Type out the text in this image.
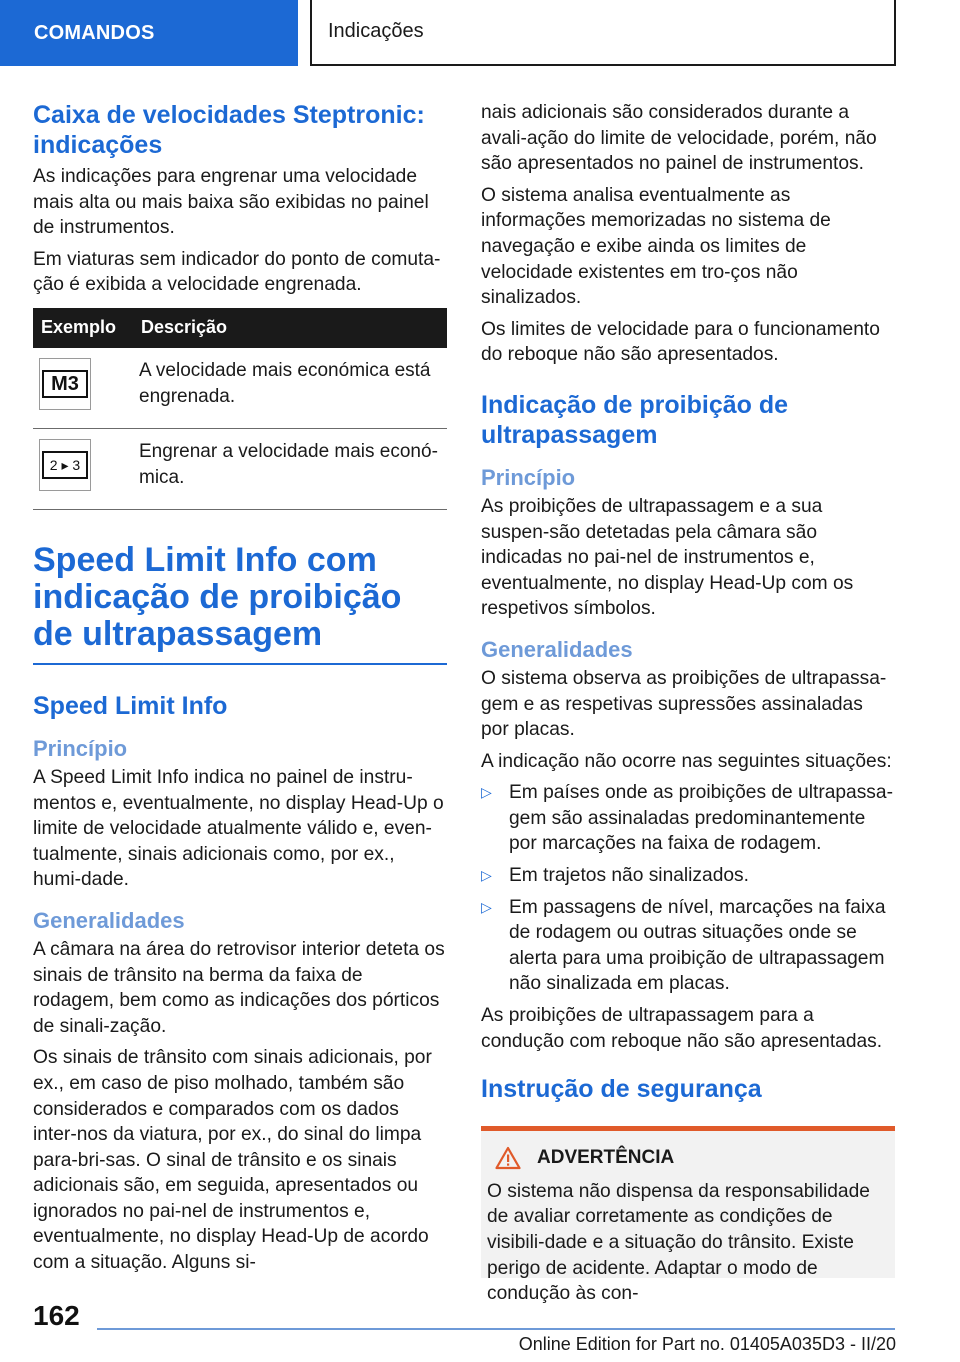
COMANDOS	Indicações
Caixa de velocidades Steptronic: indicações

As indicações para engrenar uma velocidade mais alta ou mais baixa são exibidas no painel de instrumentos.

Em viaturas sem indicador do ponto de comuta-ção é exibida a velocidade engrenada.

Exemplo	Descrição

M3	A velocidade mais económica está engrenada.

2 ▸ 3	Engrenar a velocidade mais econó-mica.
Speed Limit Info com indicação de proibição de ultrapassagem
Speed Limit Info
Princípio

A Speed Limit Info indica no painel de instru-mentos e, eventualmente, no display Head-Up o limite de velocidade atualmente válido e, even-tualmente, sinais adicionais como, por ex., humi-dade.

Generalidades

A câmara na área do retrovisor interior deteta os sinais de trânsito na berma da faixa de rodagem, bem como as indicações dos pórticos de sinali-zação.

Os sinais de trânsito com sinais adicionais, por ex., em caso de piso molhado, também são considerados e comparados com os dados inter-nos da viatura, por ex., do sinal do limpa para-bri-sas. O sinal de trânsito e os sinais adicionais são, em seguida, apresentados ou ignorados no pai-nel de instrumentos e, eventualmente, no display Head-Up de acordo com a situação. Alguns si-

nais adicionais são considerados durante a avali-ação do limite de velocidade, porém, não são apresentados no painel de instrumentos.

O sistema analisa eventualmente as informações memorizadas no sistema de navegação e exibe ainda os limites de velocidade existentes em tro-ços não sinalizados.

Os limites de velocidade para o funcionamento do reboque não são apresentados.

Indicação de proibição de ultrapassagem
Princípio

As proibições de ultrapassagem e a sua suspen-são detetadas pela câmara são indicadas no pai-nel de instrumentos e, eventualmente, no display Head-Up com os respetivos símbolos.

Generalidades

O sistema observa as proibições de ultrapassa-gem e as respetivas supressões assinaladas por placas.

A indicação não ocorre nas seguintes situações:

▷ Em países onde as proibições de ultrapassa-gem são assinaladas predominantemente por marcações na faixa de rodagem.
▷ Em trajetos não sinalizados.
▷ Em passagens de nível, marcações na faixa de rodagem ou outras situações onde se alerta para uma proibição de ultrapassagem não sinalizada em placas.

As proibições de ultrapassagem para a condução com reboque não são apresentadas.

Instrução de segurança
ADVERTÊNCIA
O sistema não dispensa da responsabilidade de avaliar corretamente as condições de visibili-dade e a situação do trânsito. Existe perigo de acidente. Adaptar o modo de condução às con-
162
Online Edition for Part no. 01405A035D3 - II/20
